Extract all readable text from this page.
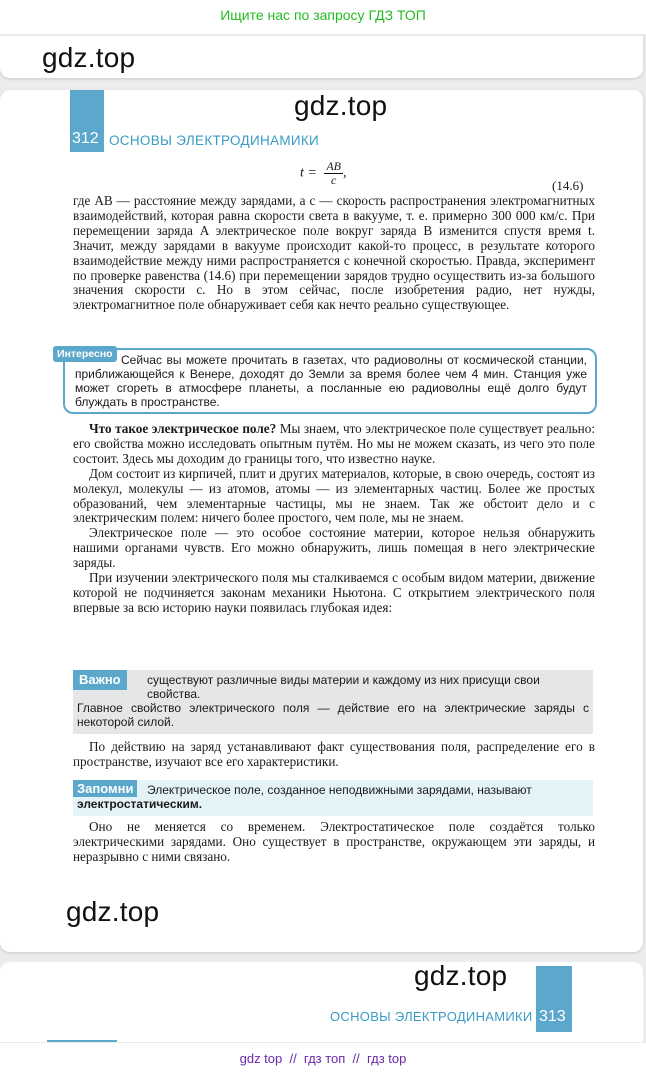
Ищите нас по запросу ГДЗ ТОП
gdz.top
312 ОСНОВЫ ЭЛЕКТРОДИНАМИКИ
gdz.top
$t = \frac{AB}{c}$ ,
(14.6)

где AB — расстояние между зарядами, а c — скорость распространения электромагнитных взаимодействий, которая равна скорости света в вакууме, т. е. примерно 300 000 км/с. При перемещении заряда A электрическое поле вокруг заряда B изменится спустя время t. Значит, между зарядами в вакууме происходит какой-то процесс, в результате которого взаимодействие между ними распространяется с конечной скоростью. Правда, эксперимент по проверке равенства (14.6) при перемещении зарядов трудно осуществить из-за большого значения скорости c. Но в этом сейчас, после изобретения радио, нет нужды, электромагнитное поле обнаруживает себя как нечто реально существующее.

Интересно Сейчас вы можете прочитать в газетах, что радиоволны от космической станции, приближающейся к Венере, доходят до Земли за время более чем 4 мин. Станция уже может сгореть в атмосфере планеты, а посланные ею радиоволны ещё долго будут блуждать в пространстве.

Что такое электрическое поле? Мы знаем, что электрическое поле существует реально: его свойства можно исследовать опытным путём. Но мы не можем сказать, из чего это поле состоит. Здесь мы доходим до границы того, что известно науке.

Дом состоит из кирпичей, плит и других материалов, которые, в свою очередь, состоят из молекул, молекулы — из атомов, атомы — из элементарных частиц. Более же простых образований, чем элементарные частицы, мы не знаем. Так же обстоит дело и с электрическим полем: ничего более простого, чем поле, мы не знаем.

Электрическое поле — это особое состояние материи, которое нельзя обнаружить нашими органами чувств. Его можно обнаружить, лишь помещая в него электрические заряды.

При изучении электрического поля мы сталкиваемся с особым видом материи, движение которой не подчиняется законам механики Ньютона. С открытием электрического поля впервые за всю историю науки появилась глубокая идея:

Важно	существуют различные виды материи и каждому из них присущи свои свойства.

Главное свойство электрического поля — действие его на электрические заряды с некоторой силой.

По действию на заряд устанавливают факт существования поля, распределение его в пространстве, изучают все его характеристики.

Запомни	Электрическое поле, созданное неподвижными зарядами, называют
электростатическим.

Оно не меняется со временем. Электростатическое поле создаётся только электрическими зарядами. Оно существует в пространстве, окружающем эти заряды, и неразрывно с ними связано.

gdz.top
gdz.top
313
ОСНОВЫ ЭЛЕКТРОДИНАМИКИ
gdz top  //  гдз топ  //  гдз top
